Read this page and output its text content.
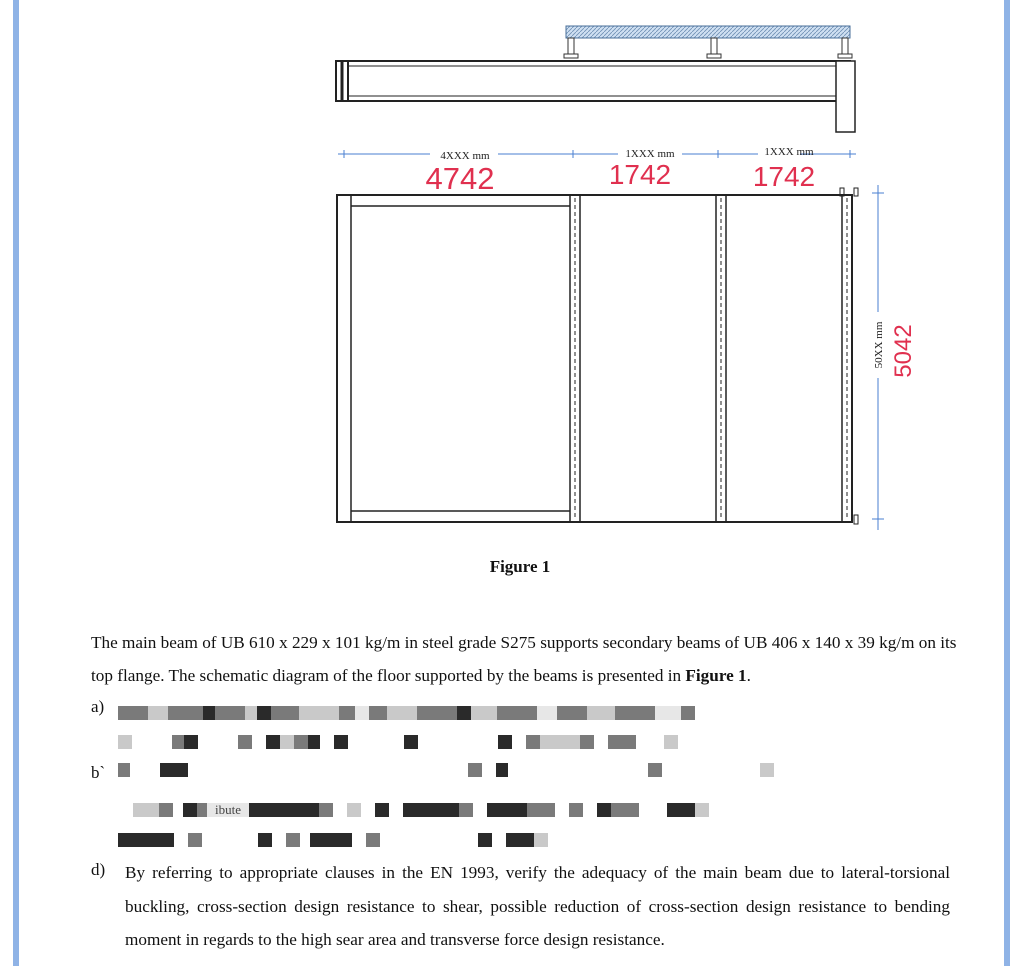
4XXX mm	1XXX mm	1XXX mm
4742	1742	1742
50XX mm 5042
Figure 1
The main beam of UB 610 x 229 x 101 kg/m in steel grade S275 supports secondary beams of UB 406 x 140 x 39 kg/m on its top flange. The schematic diagram of the floor supported by the beams is presented in Figure 1.
a)
b`
ibute
d) By referring to appropriate clauses in the EN 1993, verify the adequacy of the main beam due to lateral-torsional buckling, cross-section design resistance to shear, possible reduction of cross-section design resistance to bending moment in regards to the high sear area and transverse force design resistance.
